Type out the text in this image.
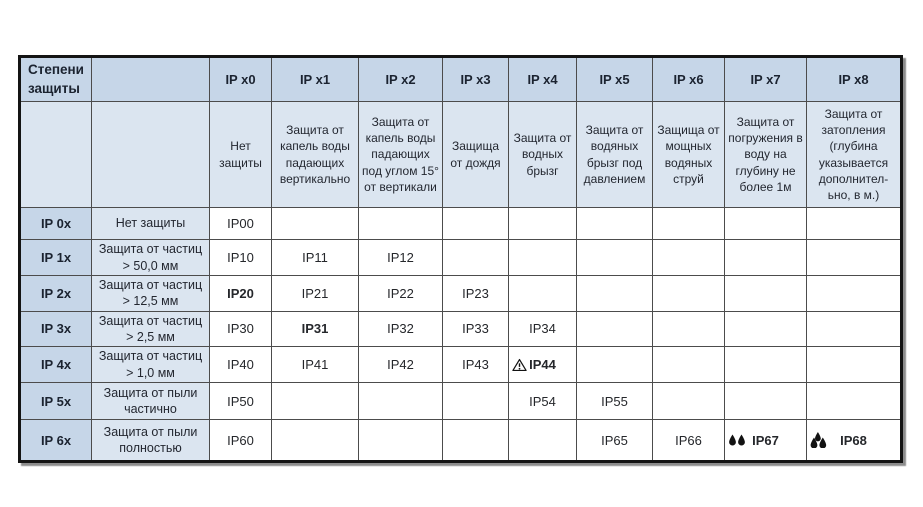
Степени защиты		IP x0	IP x1	IP x2	IP x3	IP x4	IP x5	IP x6	IP x7	IP x8
		Нет защиты	Защита от капель воды падающих вертикально	Защита от капель воды падающих под углом 15° от вертикали	Защища от дождя	Защита от водных брызг	Защита от водяных брызг под давлением	Защища от мощных водяных струй	Защита от погружения в воду на глубину не более 1м	Защита от затопления (глубина указывается дополнител-ьно, в м.)
IP 0x	Нет защиты	IP00								
IP 1x	Защита от частиц > 50,0 мм	IP10	IP11	IP12						
IP 2x	Защита от частиц > 12,5 мм	IP20	IP21	IP22	IP23					
IP 3x	Защита от частиц > 2,5 мм	IP30	IP31	IP32	IP33	IP34				
IP 4x	Защита от частиц > 1,0 мм	IP40	IP41	IP42	IP43	IP44				
IP 5x	Защита от пыли частично	IP50				IP54	IP55			
IP 6x	Защита от пыли полностью	IP60					IP65	IP66	IP67	IP68
